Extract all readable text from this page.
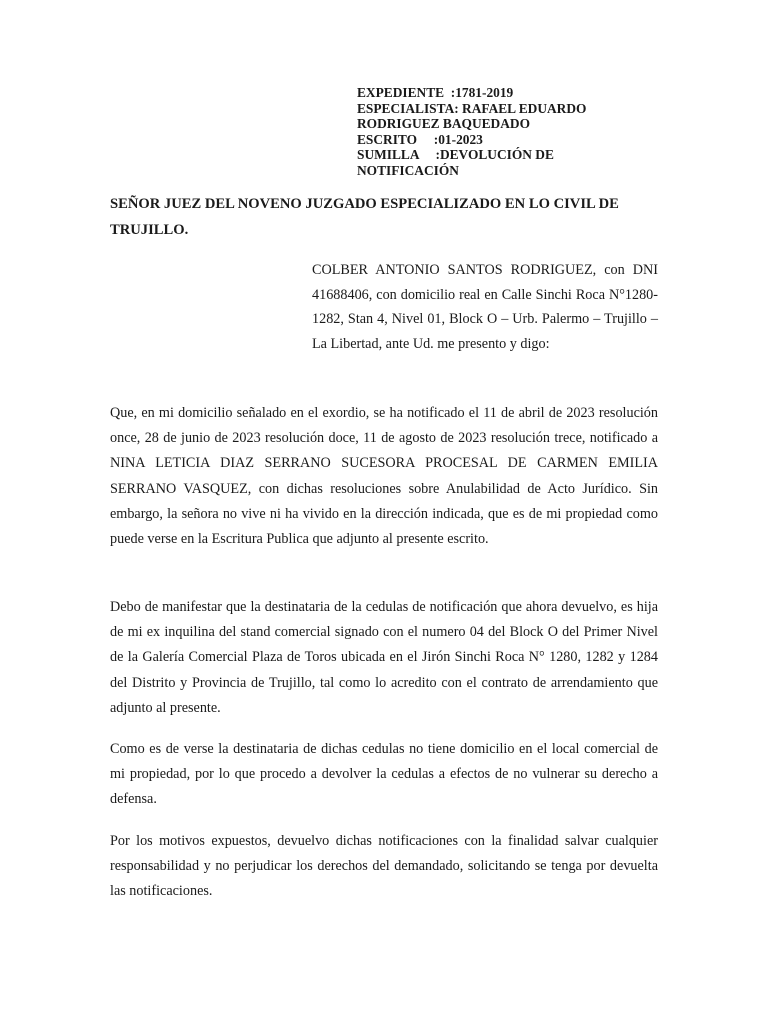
EXPEDIENTE  :1781-2019
ESPECIALISTA: RAFAEL EDUARDO
RODRIGUEZ BAQUEDADO
ESCRITO     :01-2023
SUMILLA     :DEVOLUCIÓN DE
NOTIFICACIÓN

SEÑOR JUEZ DEL NOVENO JUZGADO ESPECIALIZADO EN LO CIVIL DE TRUJILLO.

COLBER ANTONIO SANTOS RODRIGUEZ, con DNI 41688406, con domicilio real en Calle Sinchi Roca N°1280-1282, Stan 4, Nivel 01, Block O – Urb. Palermo – Trujillo – La Libertad, ante Ud. me presento y digo:

Que, en mi domicilio señalado en el exordio, se ha notificado el 11 de abril de 2023 resolución once, 28 de junio de 2023 resolución doce, 11 de agosto de 2023 resolución trece, notificado a NINA LETICIA DIAZ SERRANO SUCESORA PROCESAL DE CARMEN EMILIA SERRANO VASQUEZ, con dichas resoluciones sobre Anulabilidad de Acto Jurídico. Sin embargo, la señora no vive ni ha vivido en la dirección indicada, que es de mi propiedad como puede verse en la Escritura Publica que adjunto al presente escrito.

Debo de manifestar que la destinataria de la cedulas de notificación que ahora devuelvo, es hija de mi ex inquilina del stand comercial signado con el numero 04 del Block O del Primer Nivel de la Galería Comercial Plaza de Toros ubicada en el Jirón Sinchi Roca N° 1280, 1282 y 1284 del Distrito y Provincia de Trujillo, tal como lo acredito con el contrato de arrendamiento que adjunto al presente.

Como es de verse la destinataria de dichas cedulas no tiene domicilio en el local comercial de mi propiedad, por lo que procedo a devolver la cedulas a efectos de no vulnerar su derecho a defensa.

Por los motivos expuestos, devuelvo dichas notificaciones con la finalidad salvar cualquier responsabilidad y no perjudicar los derechos del demandado, solicitando se tenga por devuelta las notificaciones.
